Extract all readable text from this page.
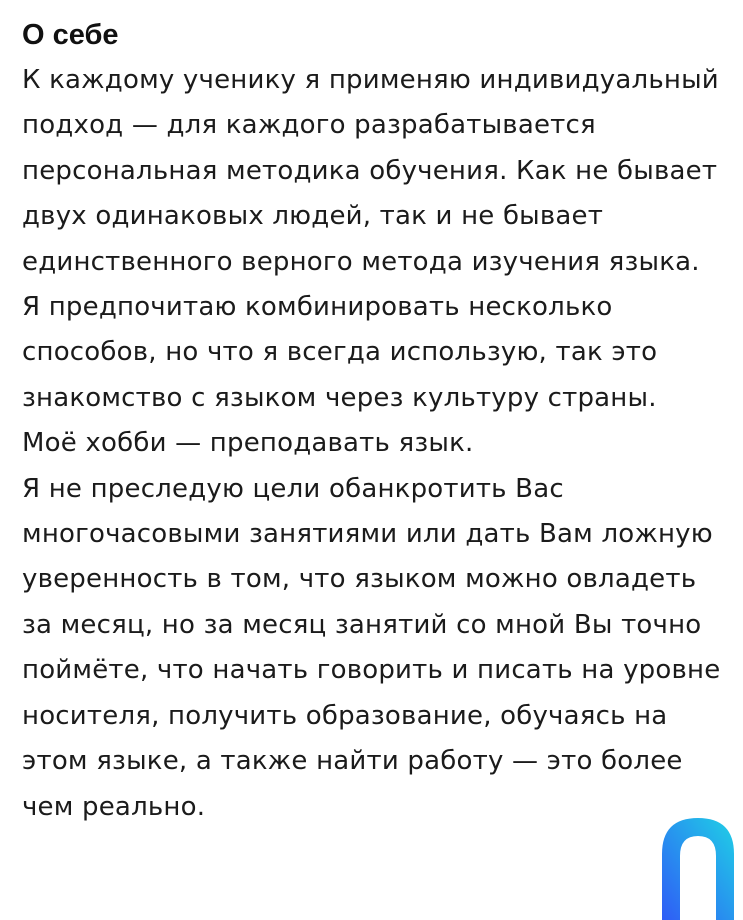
О себе

К каждому ученику я применяю индивидуальный подход — для каждого разрабатывается персональная методика обучения. Как не бывает двух одинаковых людей, так и не бывает единственного верного метода изучения языка.

Я предпочитаю комбинировать несколько способов, но что я всегда использую, так это знакомство с языком через культуру страны.

Моё хобби — преподавать язык.

Я не преследую цели обанкротить Вас многочасовыми занятиями или дать Вам ложную уверенность в том, что языком можно овладеть за месяц, но за месяц занятий со мной Вы точно поймёте, что начать говорить и писать на уровне носителя, получить образование, обучаясь на этом языке, а также найти работу — это более чем реально.
